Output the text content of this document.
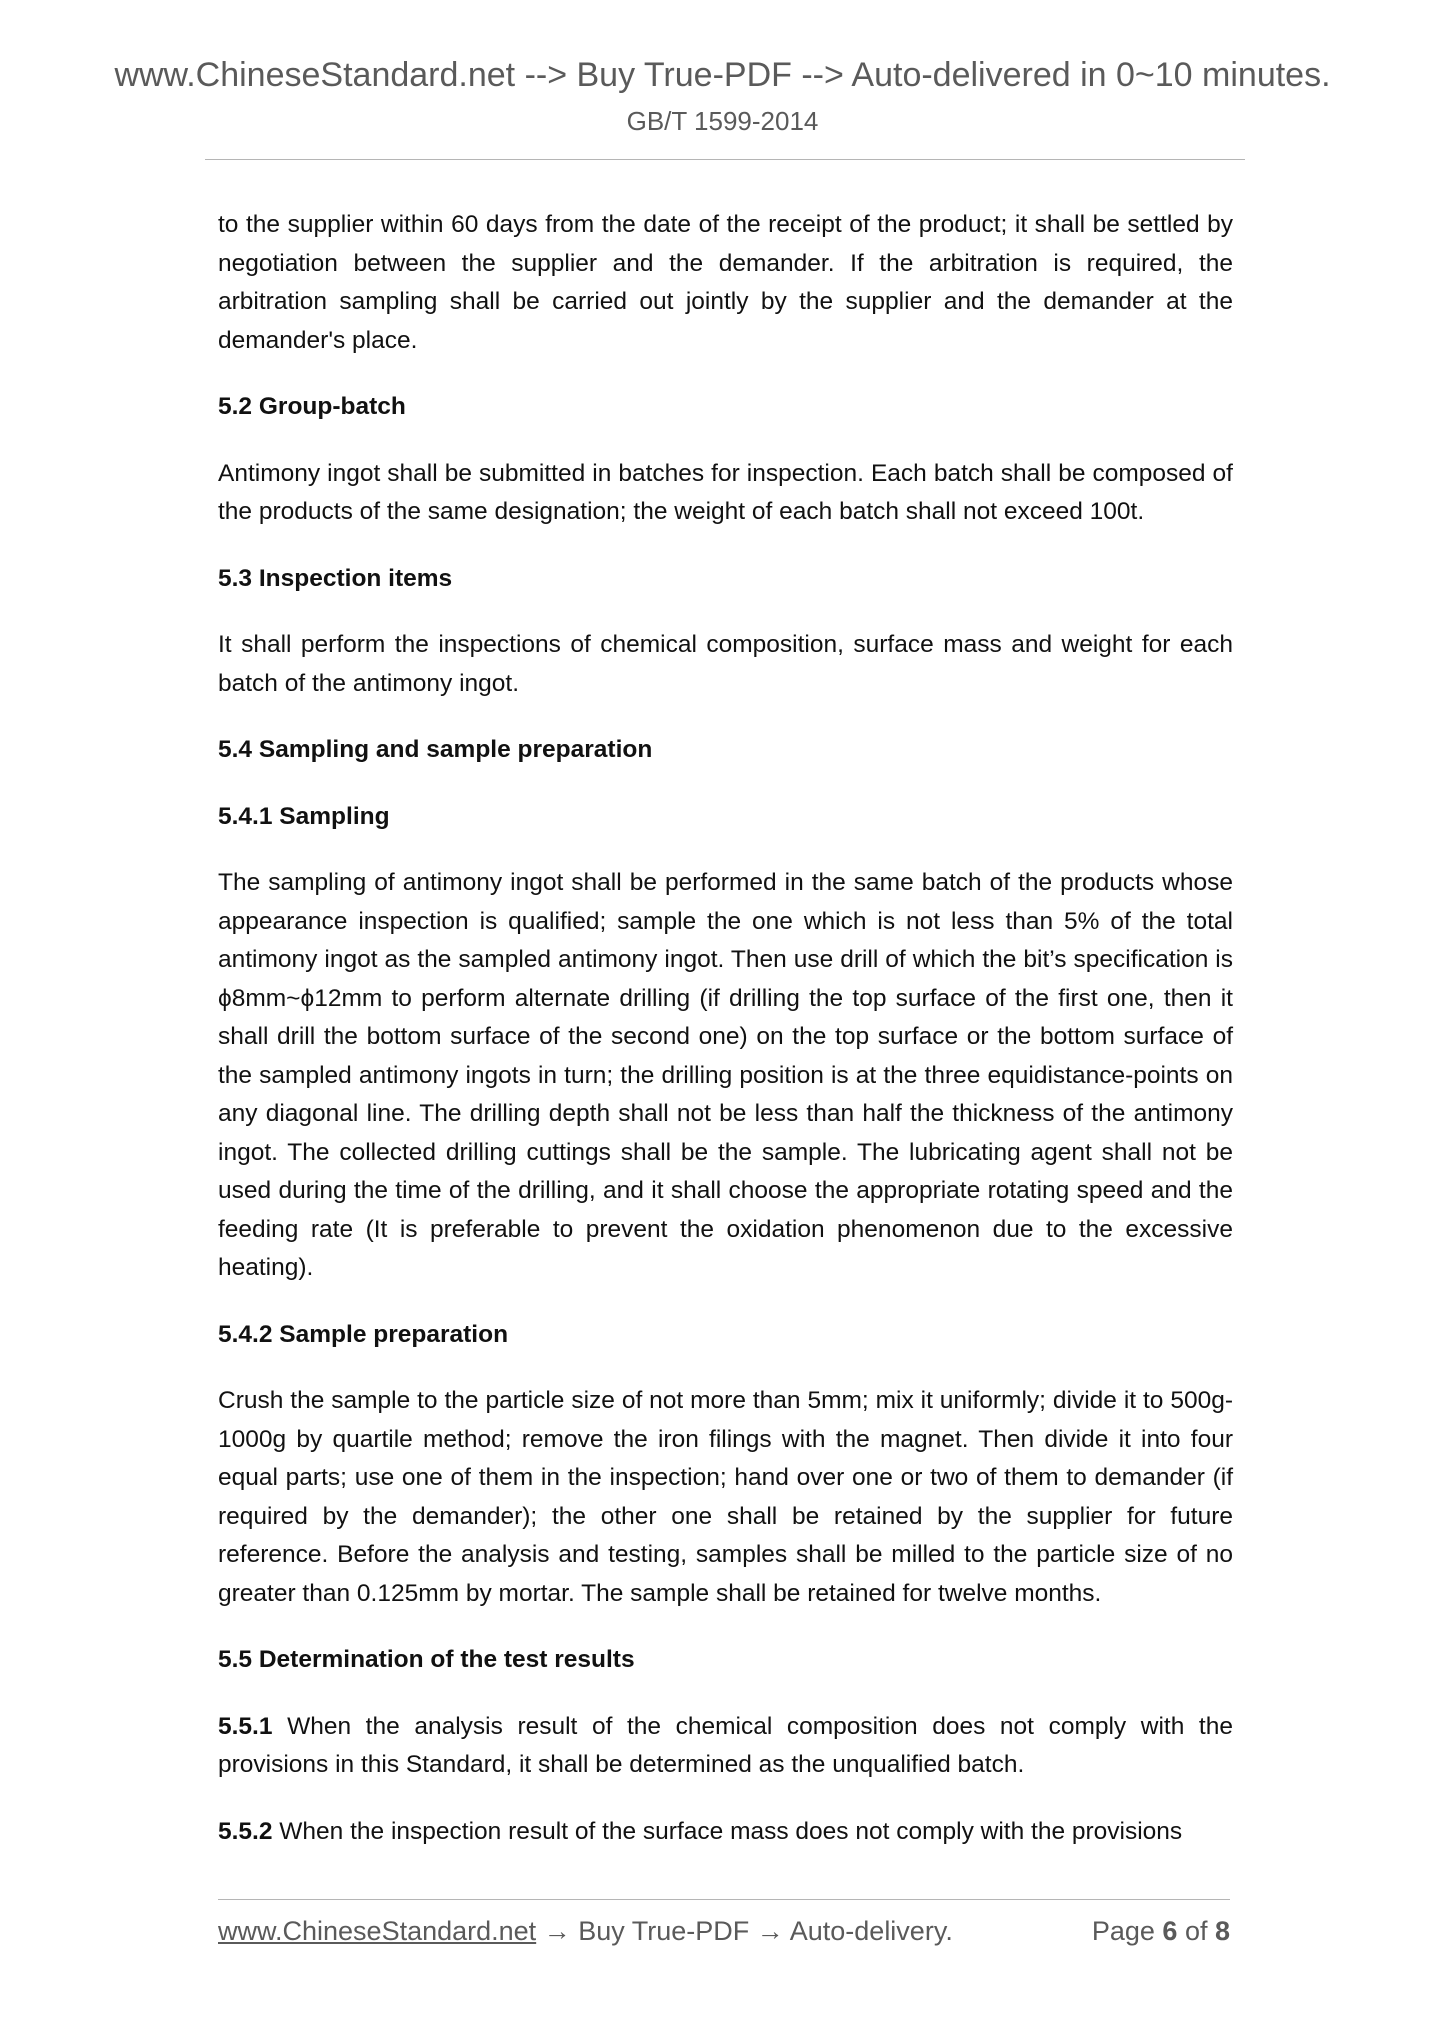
www.ChineseStandard.net --> Buy True-PDF --> Auto-delivered in 0~10 minutes.
GB/T 1599-2014

to the supplier within 60 days from the date of the receipt of the product; it shall be settled by negotiation between the supplier and the demander. If the arbitration is required, the arbitration sampling shall be carried out jointly by the supplier and the demander at the demander's place.

5.2 Group-batch

Antimony ingot shall be submitted in batches for inspection. Each batch shall be composed of the products of the same designation; the weight of each batch shall not exceed 100t.

5.3 Inspection items

It shall perform the inspections of chemical composition, surface mass and weight for each batch of the antimony ingot.

5.4 Sampling and sample preparation

5.4.1 Sampling

The sampling of antimony ingot shall be performed in the same batch of the products whose appearance inspection is qualified; sample the one which is not less than 5% of the total antimony ingot as the sampled antimony ingot. Then use drill of which the bit’s specification is ϕ8mm~ϕ12mm to perform alternate drilling (if drilling the top surface of the first one, then it shall drill the bottom surface of the second one) on the top surface or the bottom surface of the sampled antimony ingots in turn; the drilling position is at the three equidistance-points on any diagonal line. The drilling depth shall not be less than half the thickness of the antimony ingot. The collected drilling cuttings shall be the sample. The lubricating agent shall not be used during the time of the drilling, and it shall choose the appropriate rotating speed and the feeding rate (It is preferable to prevent the oxidation phenomenon due to the excessive heating).

5.4.2 Sample preparation

Crush the sample to the particle size of not more than 5mm; mix it uniformly; divide it to 500g-1000g by quartile method; remove the iron filings with the magnet. Then divide it into four equal parts; use one of them in the inspection; hand over one or two of them to demander (if required by the demander); the other one shall be retained by the supplier for future reference. Before the analysis and testing, samples shall be milled to the particle size of no greater than 0.125mm by mortar. The sample shall be retained for twelve months.

5.5 Determination of the test results

5.5.1 When the analysis result of the chemical composition does not comply with the provisions in this Standard, it shall be determined as the unqualified batch.

5.5.2 When the inspection result of the surface mass does not comply with the provisions

www.ChineseStandard.net → Buy True-PDF → Auto-delivery.	Page 6 of 8
